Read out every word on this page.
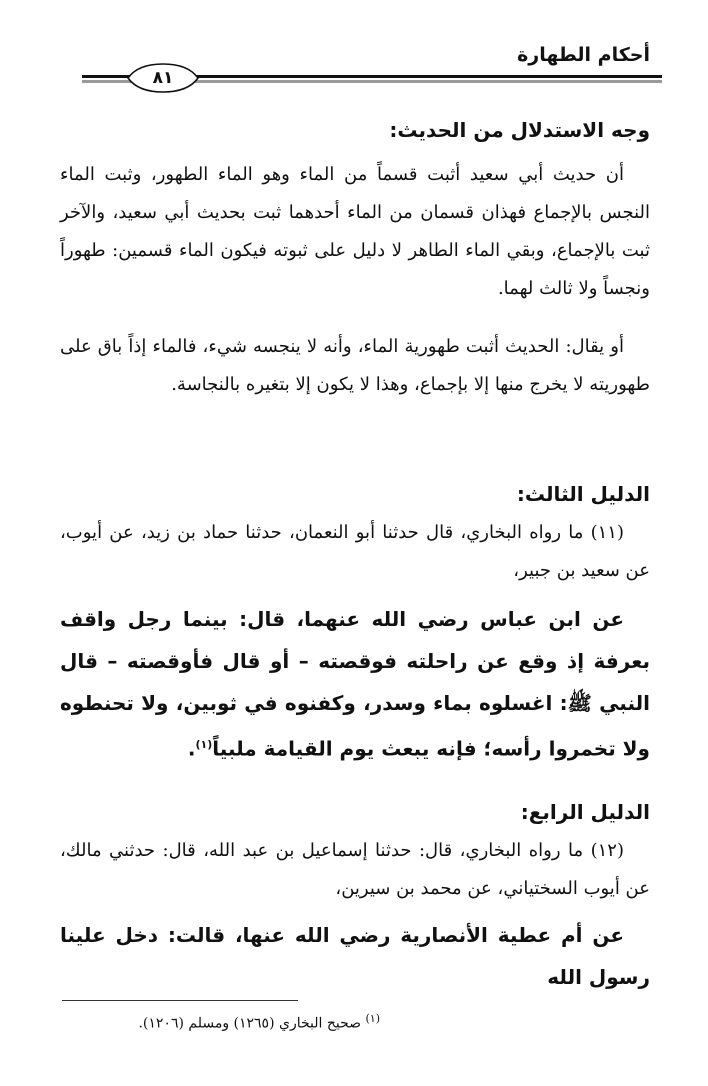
أحكام الطهارة
٨١
وجه الاستدلال من الحديث:
أن حديث أبي سعيد أثبت قسماً من الماء وهو الماء الطهور، وثبت الماء النجس بالإجماع فهذان قسمان من الماء أحدهما ثبت بحديث أبي سعيد، والآخر ثبت بالإجماع، وبقي الماء الطاهر لا دليل على ثبوته فيكون الماء قسمين: طهوراً ونجساً ولا ثالث لهما.
أو يقال: الحديث أثبت طهورية الماء، وأنه لا ينجسه شيء، فالماء إذاً باق على طهوريته لا يخرج منها إلا بإجماع، وهذا لا يكون إلا بتغيره بالنجاسة.
الدليل الثالث:
(١١) ما رواه البخاري، قال حدثنا أبو النعمان، حدثنا حماد بن زيد، عن أيوب، عن سعيد بن جبير،
عن ابن عباس رضي الله عنهما، قال: بينما رجل واقف بعرفة إذ وقع عن راحلته فوقصته – أو قال فأوقصته – قال النبي ﷺ: اغسلوه بماء وسدر، وكفنوه في ثوبين، ولا تحنطوه ولا تخمروا رأسه؛ فإنه يبعث يوم القيامة ملبياً$^{(١)}$.
الدليل الرابع:
(١٢) ما رواه البخاري، قال: حدثنا إسماعيل بن عبد الله، قال: حدثني مالك، عن أيوب السختياني، عن محمد بن سيرين،
عن أم عطية الأنصارية رضي الله عنها، قالت: دخل علينا رسول الله
$^{(١)}$ صحيح البخاري (١٢٦٥) ومسلم (١٢٠٦).
